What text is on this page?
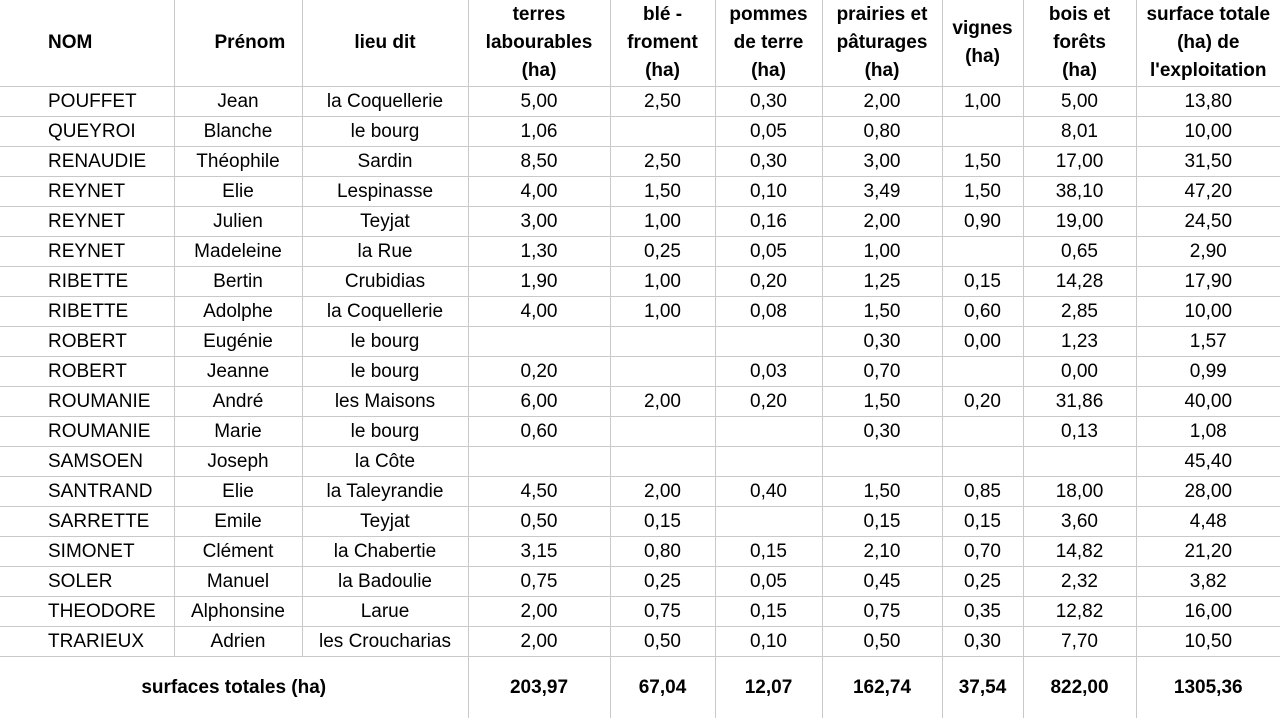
NOM	Prénom	lieu dit	terres labourables (ha)	blé - froment (ha)	pommes de terre (ha)	prairies et pâturages (ha)	vignes (ha)	bois et forêts (ha)	surface totale (ha) de l'exploitation
POUFFET	Jean	la Coquellerie	5,00	2,50	0,30	2,00	1,00	5,00	13,80
QUEYROI	Blanche	le bourg	1,06		0,05	0,80		8,01	10,00
RENAUDIE	Théophile	Sardin	8,50	2,50	0,30	3,00	1,50	17,00	31,50
REYNET	Elie	Lespinasse	4,00	1,50	0,10	3,49	1,50	38,10	47,20
REYNET	Julien	Teyjat	3,00	1,00	0,16	2,00	0,90	19,00	24,50
REYNET	Madeleine	la Rue	1,30	0,25	0,05	1,00		0,65	2,90
RIBETTE	Bertin	Crubidias	1,90	1,00	0,20	1,25	0,15	14,28	17,90
RIBETTE	Adolphe	la Coquellerie	4,00	1,00	0,08	1,50	0,60	2,85	10,00
ROBERT	Eugénie	le bourg				0,30	0,00	1,23	1,57
ROBERT	Jeanne	le bourg	0,20		0,03	0,70		0,00	0,99
ROUMANIE	André	les Maisons	6,00	2,00	0,20	1,50	0,20	31,86	40,00
ROUMANIE	Marie	le bourg	0,60			0,30		0,13	1,08
SAMSOEN	Joseph	la Côte							45,40
SANTRAND	Elie	la Taleyrandie	4,50	2,00	0,40	1,50	0,85	18,00	28,00
SARRETTE	Emile	Teyjat	0,50	0,15		0,15	0,15	3,60	4,48
SIMONET	Clément	la Chabertie	3,15	0,80	0,15	2,10	0,70	14,82	21,20
SOLER	Manuel	la Badoulie	0,75	0,25	0,05	0,45	0,25	2,32	3,82
THEODORE	Alphonsine	Larue	2,00	0,75	0,15	0,75	0,35	12,82	16,00
TRARIEUX	Adrien	les Croucharias	2,00	0,50	0,10	0,50	0,30	7,70	10,50
surfaces totales (ha)			203,97	67,04	12,07	162,74	37,54	822,00	1305,36
